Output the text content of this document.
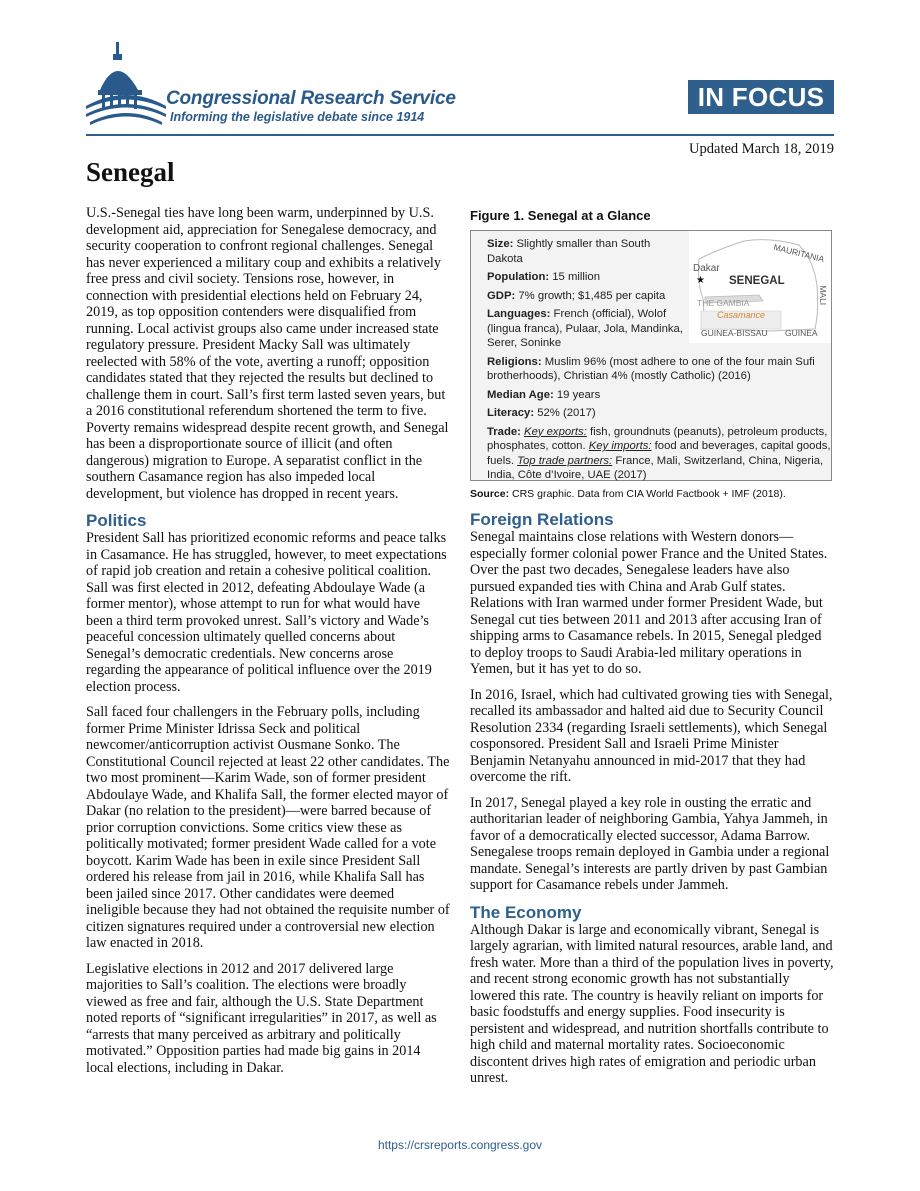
Congressional Research Service
Informing the legislative debate since 1914
IN FOCUS
Updated March 18, 2019
Senegal

U.S.-Senegal ties have long been warm, underpinned by U.S. development aid, appreciation for Senegalese democracy, and security cooperation to confront regional challenges. Senegal has never experienced a military coup and exhibits a relatively free press and civil society. Tensions rose, however, in connection with presidential elections held on February 24, 2019, as top opposition contenders were disqualified from running. Local activist groups also came under increased state regulatory pressure. President Macky Sall was ultimately reelected with 58% of the vote, averting a runoff; opposition candidates stated that they rejected the results but declined to challenge them in court. Sall’s first term lasted seven years, but a 2016 constitutional referendum shortened the term to five. Poverty remains widespread despite recent growth, and Senegal has been a disproportionate source of illicit (and often dangerous) migration to Europe. A separatist conflict in the southern Casamance region has also impeded local development, but violence has dropped in recent years.

Politics

President Sall has prioritized economic reforms and peace talks in Casamance. He has struggled, however, to meet expectations of rapid job creation and retain a cohesive political coalition. Sall was first elected in 2012, defeating Abdoulaye Wade (a former mentor), whose attempt to run for what would have been a third term provoked unrest. Sall’s victory and Wade’s peaceful concession ultimately quelled concerns about Senegal’s democratic credentials. New concerns arose regarding the appearance of political influence over the 2019 election process.

Sall faced four challengers in the February polls, including former Prime Minister Idrissa Seck and political newcomer/anticorruption activist Ousmane Sonko. The Constitutional Council rejected at least 22 other candidates. The two most prominent—Karim Wade, son of former president Abdoulaye Wade, and Khalifa Sall, the former elected mayor of Dakar (no relation to the president)—were barred because of prior corruption convictions. Some critics view these as politically motivated; former president Wade called for a vote boycott. Karim Wade has been in exile since President Sall ordered his release from jail in 2016, while Khalifa Sall has been jailed since 2017. Other candidates were deemed ineligible because they had not obtained the requisite number of citizen signatures required under a controversial new election law enacted in 2018.

Legislative elections in 2012 and 2017 delivered large majorities to Sall’s coalition. The elections were broadly viewed as free and fair, although the U.S. State Department noted reports of “significant irregularities” in 2017, as well as “arrests that many perceived as arbitrary and politically motivated.” Opposition parties had made big gains in 2014 local elections, including in Dakar.

Figure 1. Senegal at a Glance
MAURITANIA
Dakar
★ SENEGAL
MALI
THE GAMBIA
Casamance
GUINEA-BISSAU GUINEA
Size: Slightly smaller than South Dakota
Population: 15 million
GDP: 7% growth; $1,485 per capita
Languages: French (official), Wolof (lingua franca), Pulaar, Jola, Mandinka, Serer, Soninke
Religions: Muslim 96% (most adhere to one of the four main Sufi brotherhoods), Christian 4% (mostly Catholic) (2016)
Median Age: 19 years
Literacy: 52% (2017)
Trade: Key exports: fish, groundnuts (peanuts), petroleum products, phosphates, cotton. Key imports: food and beverages, capital goods, fuels. Top trade partners: France, Mali, Switzerland, China, Nigeria, India, Côte d’Ivoire, UAE (2017)
Source: CRS graphic. Data from CIA World Factbook + IMF (2018).
Foreign Relations

Senegal maintains close relations with Western donors—especially former colonial power France and the United States. Over the past two decades, Senegalese leaders have also pursued expanded ties with China and Arab Gulf states. Relations with Iran warmed under former President Wade, but Senegal cut ties between 2011 and 2013 after accusing Iran of shipping arms to Casamance rebels. In 2015, Senegal pledged to deploy troops to Saudi Arabia-led military operations in Yemen, but it has yet to do so.

In 2016, Israel, which had cultivated growing ties with Senegal, recalled its ambassador and halted aid due to Security Council Resolution 2334 (regarding Israeli settlements), which Senegal cosponsored. President Sall and Israeli Prime Minister Benjamin Netanyahu announced in mid-2017 that they had overcome the rift.

In 2017, Senegal played a key role in ousting the erratic and authoritarian leader of neighboring Gambia, Yahya Jammeh, in favor of a democratically elected successor, Adama Barrow. Senegalese troops remain deployed in Gambia under a regional mandate. Senegal’s interests are partly driven by past Gambian support for Casamance rebels under Jammeh.

The Economy

Although Dakar is large and economically vibrant, Senegal is largely agrarian, with limited natural resources, arable land, and fresh water. More than a third of the population lives in poverty, and recent strong economic growth has not substantially lowered this rate. The country is heavily reliant on imports for basic foodstuffs and energy supplies. Food insecurity is persistent and widespread, and nutrition shortfalls contribute to high child and maternal mortality rates. Socioeconomic discontent drives high rates of emigration and periodic urban unrest.

https://crsreports.congress.gov
